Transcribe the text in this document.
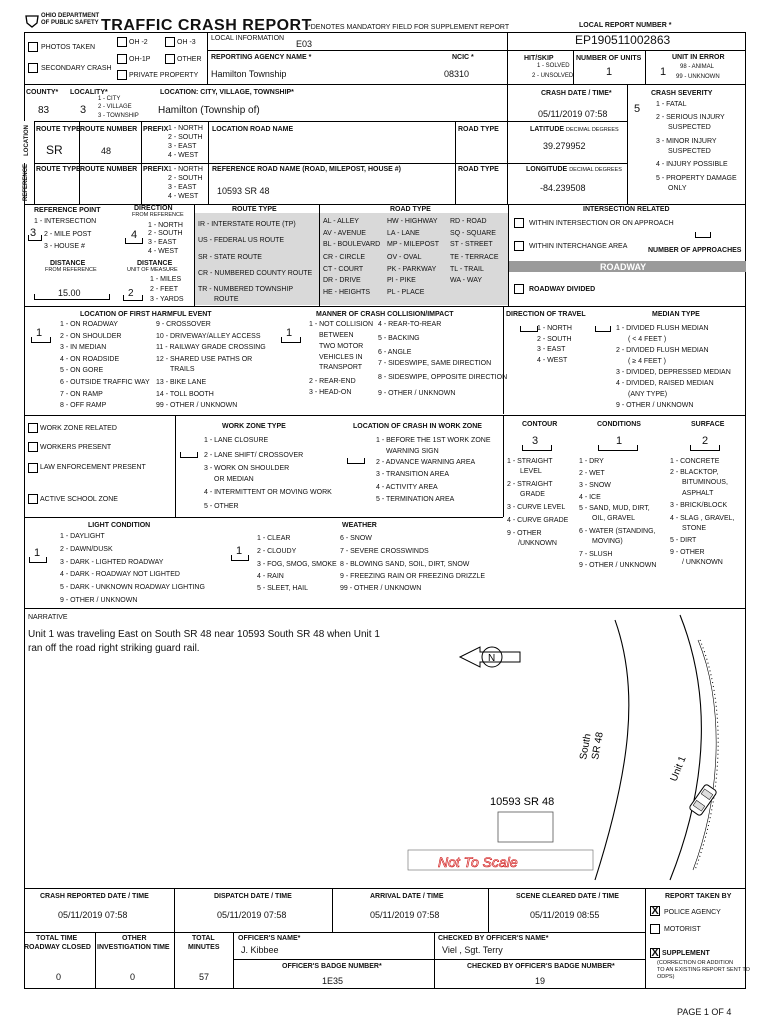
OHIO DEPARTMENT
OF PUBLIC SAFETY TRAFFIC CRASH REPORT
*DENOTES MANDATORY FIELD FOR SUPPLEMENT REPORT	LOCAL REPORT NUMBER *
PHOTOS TAKEN
SECONDARY CRASH
OH -2	OH -3
OH-1P	OTHER
PRIVATE PROPERTY
LOCAL INFORMATION
E03
REPORTING AGENCY NAME *
Hamilton Township
NCIC *
08310
EP190511002863
HIT/SKIP
1 - SOLVED
2 - UNSOLVED
NUMBER OF UNITS
1
UNIT IN ERROR
1 98 - ANIMAL
99 - UNKNOWN
COUNTY*
83
LOCALITY*
3
1 - CITY
2 - VILLAGE
3 - TOWNSHIP
LOCATION: CITY, VILLAGE, TOWNSHIP*
Hamilton (Township of)
CRASH DATE / TIME*
05/11/2019 07:58
CRASH SEVERITY
5 1 - FATAL
2 - SERIOUS INJURY
SUSPECTED
3 - MINOR INJURY
SUSPECTED
4 - INJURY POSSIBLE
5 - PROPERTY DAMAGE
ONLY
LOCATION
REFERENCE
ROUTE TYPE ROUTE NUMBER PREFIX 1 - NORTH
2 - SOUTH
3 - EAST
4 - WEST
SR	48
LOCATION ROAD NAME	ROAD TYPE	LATITUDE DECIMAL DEGREES
39.279952
ROUTE TYPE ROUTE NUMBER PREFIX 1 - NORTH
2 - SOUTH
3 - EAST
4 - WEST
REFERENCE ROAD NAME (ROAD, MILEPOST, HOUSE #)
10593 SR 48
ROAD TYPE	LONGITUDE DECIMAL DEGREES
-84.239508
REFERENCE POINT
1 - INTERSECTION
3 2 - MILE POST
3 - HOUSE #
DIRECTION
FROM REFERENCE
4
1 - NORTH
2 - SOUTH
3 - EAST
4 - WEST
DISTANCE
FROM REFERENCE
15.00
DISTANCE
UNIT OF MEASURE
1 - MILES
2 2 - FEET
3 - YARDS
ROUTE TYPE
IR - INTERSTATE ROUTE (TP)
US - FEDERAL US ROUTE
SR - STATE ROUTE
CR - NUMBERED COUNTY ROUTE
TR - NUMBERED TOWNSHIP
ROUTE
ROAD TYPE
AL - ALLEY
AV - AVENUE
BL - BOULEVARD
CR - CIRCLE
CT - COURT
DR - DRIVE
HE - HEIGHTS
HW - HIGHWAY
LA - LANE
MP - MILEPOST
OV - OVAL
PK - PARKWAY
PI - PIKE
PL - PLACE
RD - ROAD
SQ - SQUARE
ST - STREET
TE - TERRACE
TL - TRAIL
WA - WAY
INTERSECTION RELATED
WITHIN INTERSECTION OR ON APPROACH
WITHIN INTERCHANGE AREA
NUMBER OF APPROACHES
ROADWAY
ROADWAY DIVIDED
LOCATION OF FIRST HARMFUL EVENT
1
1 - ON ROADWAY
2 - ON SHOULDER
3 - IN MEDIAN
4 - ON ROADSIDE
5 - ON GORE
6 - OUTSIDE TRAFFIC WAY
7 - ON RAMP
8 - OFF RAMP
9 - CROSSOVER
10 - DRIVEWAY/ALLEY ACCESS
11 - RAILWAY GRADE CROSSING
12 - SHARED USE PATHS OR
TRAILS
13 - BIKE LANE
14 - TOLL BOOTH
99 - OTHER / UNKNOWN
MANNER OF CRASH COLLISION/IMPACT
1
1 - NOT COLLISION
BETWEEN
TWO MOTOR
VEHICLES IN
TRANSPORT
2 - REAR-END
3 - HEAD-ON
4 - REAR-TO-REAR
5 - BACKING
6 - ANGLE
7 - SIDESWIPE, SAME DIRECTION
8 - SIDESWIPE, OPPOSITE DIRECTION
9 - OTHER / UNKNOWN
DIRECTION OF TRAVEL
1 - NORTH
2 - SOUTH
3 - EAST
4 - WEST
MEDIAN TYPE
1 - DIVIDED FLUSH MEDIAN
( < 4 FEET )
2 - DIVIDED FLUSH MEDIAN
( ≥ 4 FEET )
3 - DIVIDED, DEPRESSED MEDIAN
4 - DIVIDED, RAISED MEDIAN
(ANY TYPE)
9 - OTHER / UNKNOWN
WORK ZONE RELATED
WORKERS PRESENT
LAW ENFORCEMENT PRESENT
ACTIVE SCHOOL ZONE
WORK ZONE TYPE
1 - LANE CLOSURE
2 - LANE SHIFT/ CROSSOVER
3 - WORK ON SHOULDER
OR MEDIAN
4 - INTERMITTENT OR MOVING WORK
5 - OTHER
LOCATION OF CRASH IN WORK ZONE
1 - BEFORE THE 1ST WORK ZONE
WARNING SIGN
2 - ADVANCE WARNING AREA
3 - TRANSITION AREA
4 - ACTIVITY AREA
5 - TERMINATION AREA
CONTOUR
3
1 - STRAIGHT
LEVEL
2 - STRAIGHT
GRADE
3 - CURVE LEVEL
4 - CURVE GRADE
9 - OTHER
/UNKNOWN
CONDITIONS
1
1 - DRY
2 - WET
3 - SNOW
4 - ICE
5 - SAND, MUD, DIRT,
OIL, GRAVEL
6 - WATER (STANDING,
MOVING)
7 - SLUSH
9 - OTHER / UNKNOWN
SURFACE
2
1 - CONCRETE
2 - BLACKTOP,
BITUMINOUS,
ASPHALT
3 - BRICK/BLOCK
4 - SLAG , GRAVEL,
STONE
5 - DIRT
9 - OTHER
/ UNKNOWN
LIGHT CONDITION
1
1 - DAYLIGHT
2 - DAWN/DUSK
3 - DARK - LIGHTED ROADWAY
4 - DARK - ROADWAY NOT LIGHTED
5 - DARK - UNKNOWN ROADWAY LIGHTING
9 - OTHER / UNKNOWN
WEATHER
1
1 - CLEAR
2 - CLOUDY
3 - FOG, SMOG, SMOKE
4 - RAIN
5 - SLEET, HAIL
6 - SNOW
7 - SEVERE CROSSWINDS
8 - BLOWING SAND, SOIL, DIRT, SNOW
9 - FREEZING RAIN OR FREEZING DRIZZLE
99 - OTHER / UNKNOWN
NARRATIVE
Unit 1 was traveling East on South SR 48 near 10593 South SR 48 when Unit 1
ran off the road right striking guard rail.
N
South
SR 48
Unit 1
10593 SR 48
Not To Scale
CRASH REPORTED DATE / TIME
05/11/2019 07:58
DISPATCH DATE / TIME
05/11/2019 07:58
ARRIVAL DATE / TIME
05/11/2019 07:58
SCENE CLEARED DATE / TIME
05/11/2019 08:55
REPORT TAKEN BY
X POLICE AGENCY
MOTORIST
X SUPPLEMENT
(CORRECTION OR ADDITION
TO AN EXISTING REPORT SENT TO
ODPS)
TOTAL TIME
ROADWAY CLOSED
0
OTHER
INVESTIGATION TIME
0
TOTAL
MINUTES
57
OFFICER'S NAME*
J. Kibbee
CHECKED BY OFFICER'S NAME*
Viel , Sgt. Terry
OFFICER'S BADGE NUMBER*
1E35
CHECKED BY OFFICER'S BADGE NUMBER*
19
PAGE 1 OF 4
